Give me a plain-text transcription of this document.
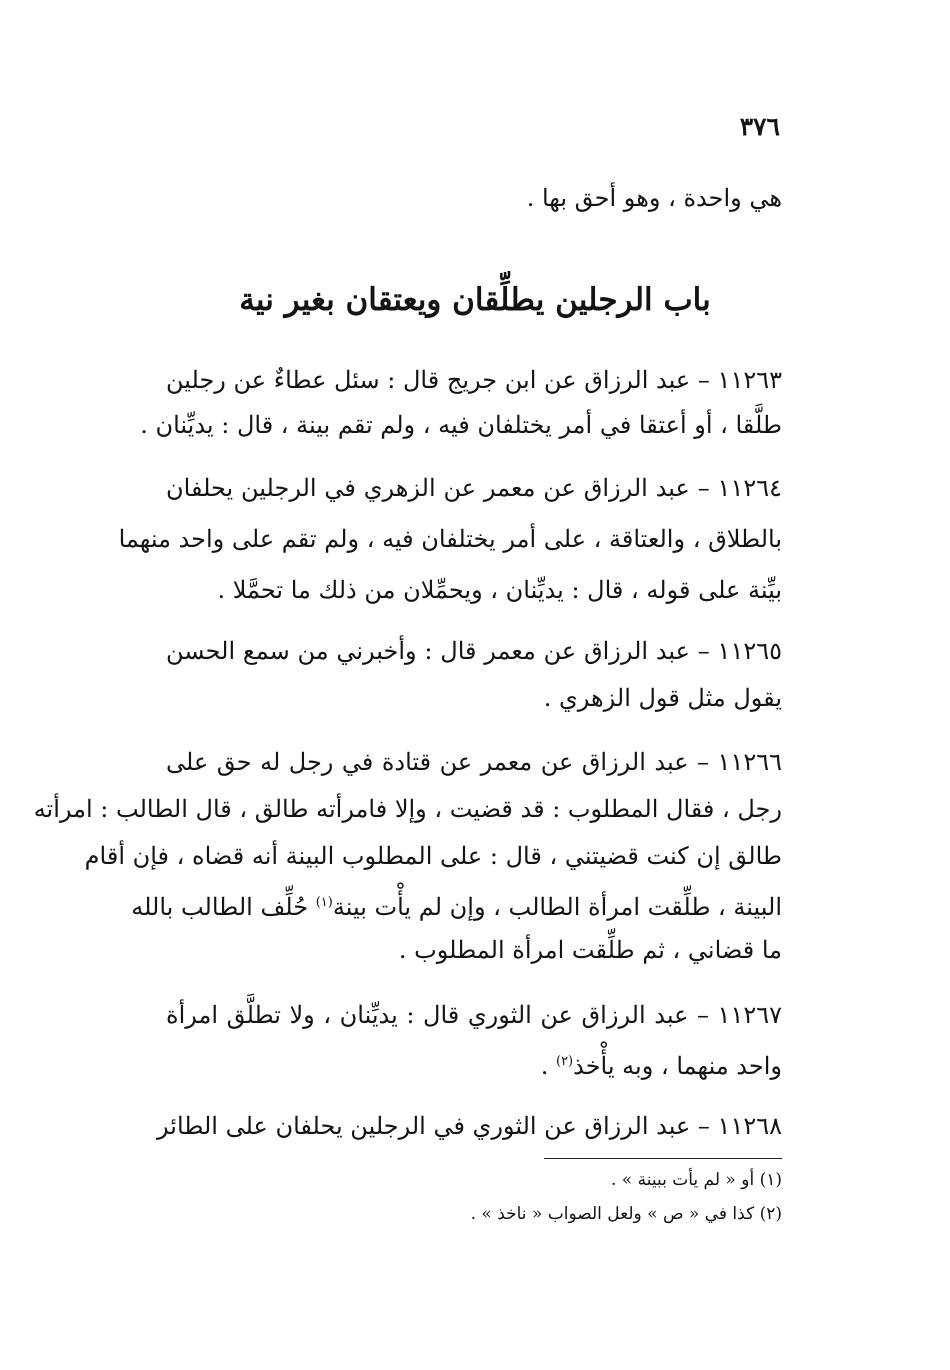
٣٧٦
هي واحدة ، وهو أحق بها .
باب الرجلين يطلِّقان ويعتقان بغير نية
١١٢٦٣ – عبد الرزاق عن ابن جريج قال : سئل عطاءٌ عن رجلين
طلَّقا ، أو أعتقا في أمر يختلفان فيه ، ولم تقم بينة ، قال : يديِّنان .
١١٢٦٤ – عبد الرزاق عن معمر عن الزهري في الرجلين يحلفان
بالطلاق ، والعتاقة ، على أمر يختلفان فيه ، ولم تقم على واحد منهما
بيِّنة على قوله ، قال : يديِّنان ، ويحمِّلان من ذلك ما تحمَّلا .
١١٢٦٥ – عبد الرزاق عن معمر قال : وأخبرني من سمع الحسن
يقول مثل قول الزهري .
١١٢٦٦ – عبد الرزاق عن معمر عن قتادة في رجل له حق على
رجل ، فقال المطلوب : قد قضيت ، وإلا فامرأته طالق ، قال الطالب : امرأته
طالق إن كنت قضيتني ، قال : على المطلوب البينة أنه قضاه ، فإن أقام
البينة ، طلِّقت امرأة الطالب ، وإن لم يأْت بينة$^{(١)}$ حُلِّف الطالب بالله
ما قضاني ، ثم طلِّقت امرأة المطلوب .
١١٢٦٧ – عبد الرزاق عن الثوري قال : يديِّنان ، ولا تطلَّق امرأة
واحد منهما ، وبه يأْخذ$^{(٢)}$ .
١١٢٦٨ – عبد الرزاق عن الثوري في الرجلين يحلفان على الطائر
(١) أو « لم يأت ببينة » .
(٢) كذا في « ص » ولعل الصواب « ناخذ » .
